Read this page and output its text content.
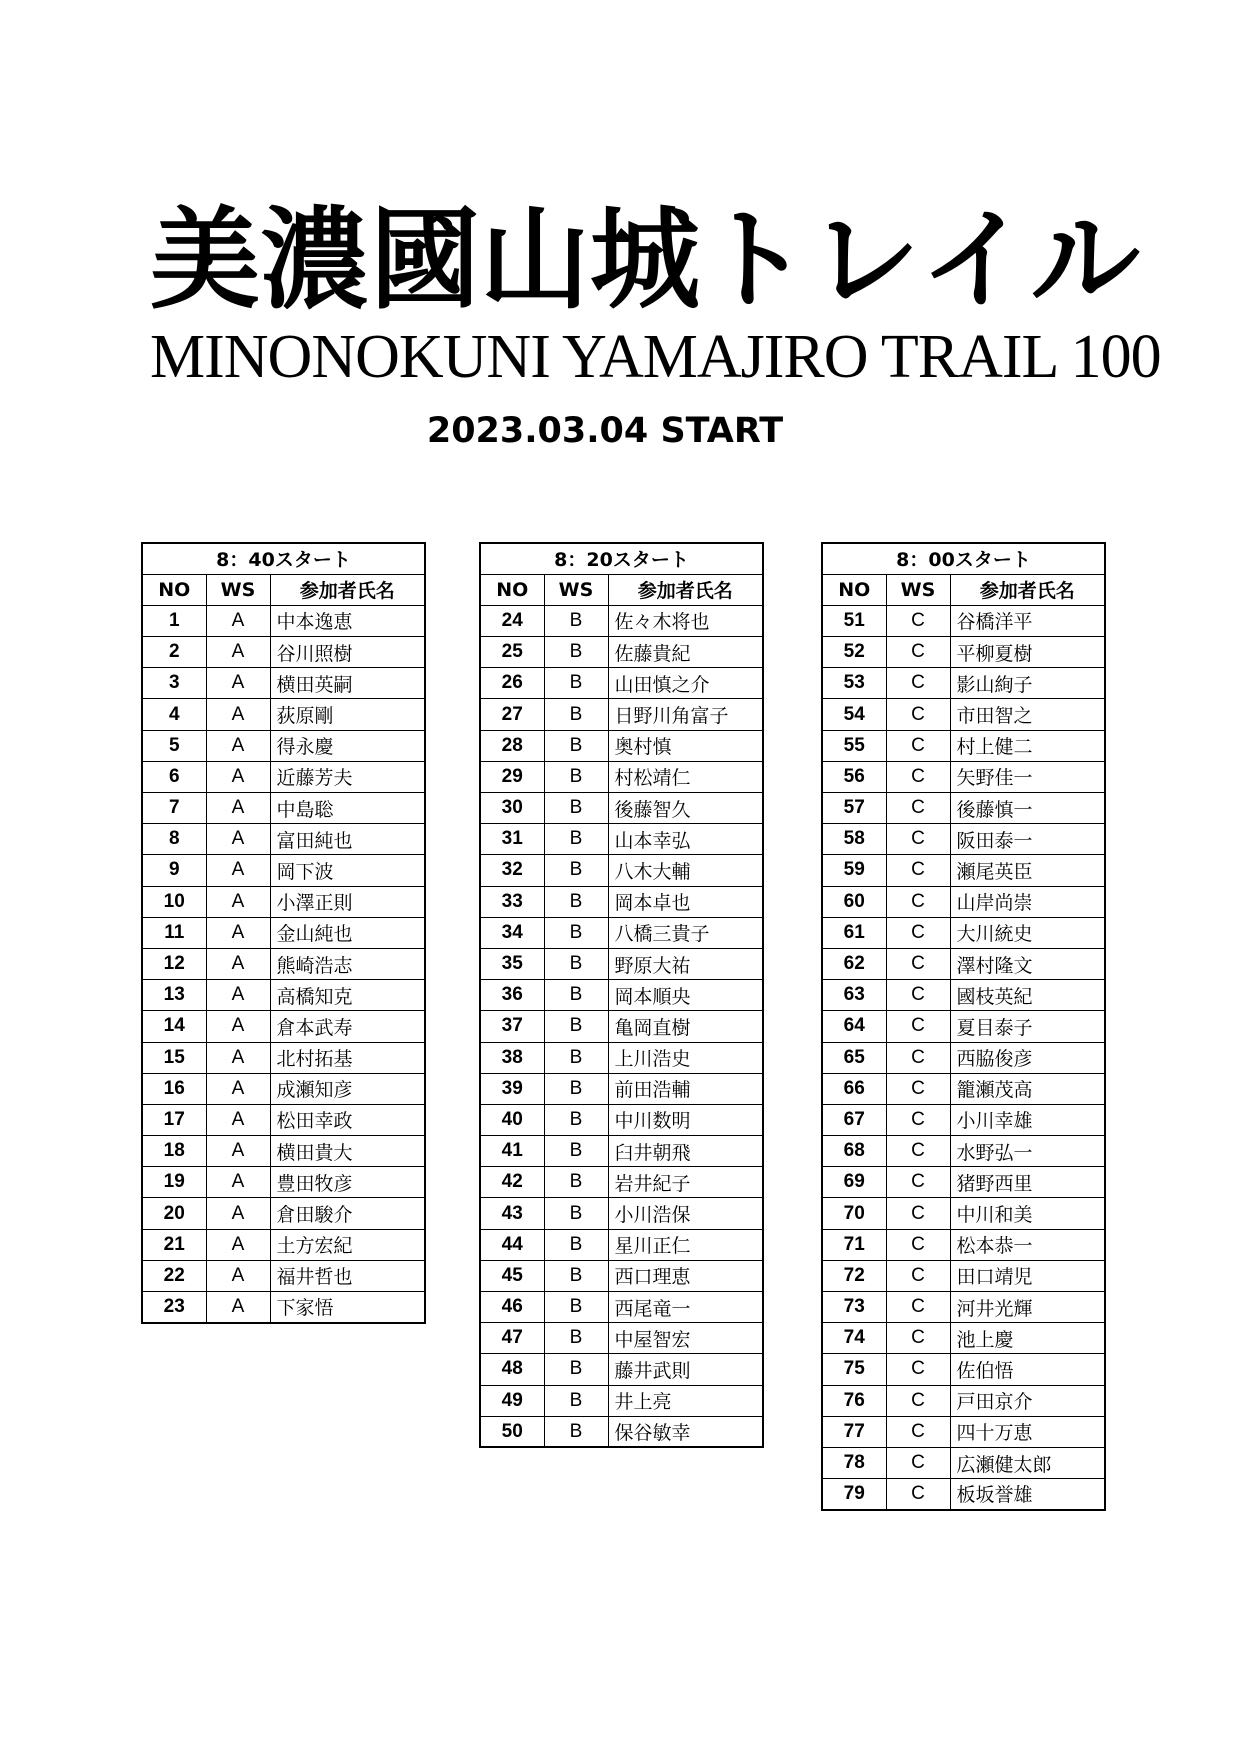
美 濃 國 山 城 ト レ イ ル
MINONOKUNI YAMAJIRO TRAIL 100
2023.03.04 START
8：40スタート		
NO	WS	参加者氏名
1	A	中本逸恵
2	A	谷川照樹
3	A	横田英嗣
4	A	荻原剛
5	A	得永慶
6	A	近藤芳夫
7	A	中島聡
8	A	富田純也
9	A	岡下波
10	A	小澤正則
11	A	金山純也
12	A	熊崎浩志
13	A	高橋知克
14	A	倉本武寿
15	A	北村拓基
16	A	成瀬知彦
17	A	松田幸政
18	A	横田貴大
19	A	豊田牧彦
20	A	倉田駿介
21	A	土方宏紀
22	A	福井哲也
23	A	下家悟
8：20スタート		
NO	WS	参加者氏名
24	B	佐々木将也
25	B	佐藤貴紀
26	B	山田慎之介
27	B	日野川角富子
28	B	奥村慎
29	B	村松靖仁
30	B	後藤智久
31	B	山本幸弘
32	B	八木大輔
33	B	岡本卓也
34	B	八橋三貴子
35	B	野原大祐
36	B	岡本順央
37	B	亀岡直樹
38	B	上川浩史
39	B	前田浩輔
40	B	中川数明
41	B	臼井朝飛
42	B	岩井紀子
43	B	小川浩保
44	B	星川正仁
45	B	西口理恵
46	B	西尾竜一
47	B	中屋智宏
48	B	藤井武則
49	B	井上亮
50	B	保谷敏幸
8：00スタート		
NO	WS	参加者氏名
51	C	谷橋洋平
52	C	平柳夏樹
53	C	影山絢子
54	C	市田智之
55	C	村上健二
56	C	矢野佳一
57	C	後藤慎一
58	C	阪田泰一
59	C	瀬尾英臣
60	C	山岸尚崇
61	C	大川統史
62	C	澤村隆文
63	C	國枝英紀
64	C	夏目泰子
65	C	西脇俊彦
66	C	籠瀬茂高
67	C	小川幸雄
68	C	水野弘一
69	C	猪野西里
70	C	中川和美
71	C	松本恭一
72	C	田口靖児
73	C	河井光輝
74	C	池上慶
75	C	佐伯悟
76	C	戸田京介
77	C	四十万恵
78	C	広瀬健太郎
79	C	板坂誉雄
